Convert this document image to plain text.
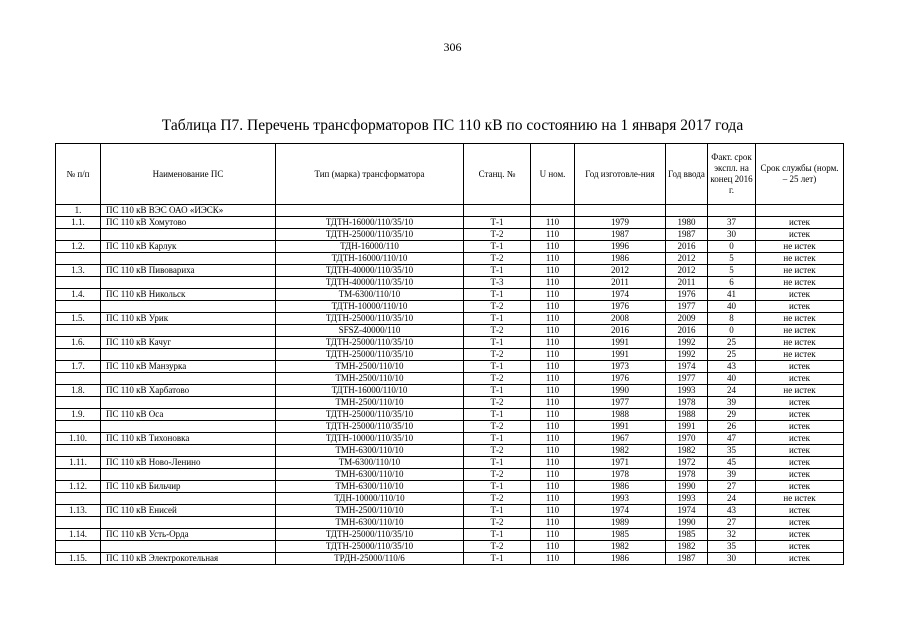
306
Таблица П7. Перечень трансформаторов ПС 110 кВ по состоянию на 1 января 2017 года
№ п/п	Наименование ПС	Тип (марка) трансформатора	Станц. №	U ном.	Год изготовле-ния	Год ввода	Факт. срок экспл. на конец 2016 г.	Срок службы (норм. – 25 лет)
1.	ПС 110 кВ ВЭС ОАО «ИЭСК»							
1.1.	ПС 110 кВ Хомутово	ТДТН-16000/110/35/10	Т-1	110	1979	1980	37	истек
		ТДТН-25000/110/35/10	Т-2	110	1987	1987	30	истек
1.2.	ПС 110 кВ Карлук	ТДН-16000/110	Т-1	110	1996	2016	0	не истек
		ТДТН-16000/110/10	Т-2	110	1986	2012	5	не истек
1.3.	ПС 110 кВ Пивовариха	ТДТН-40000/110/35/10	Т-1	110	2012	2012	5	не истек
		ТДТН-40000/110/35/10	Т-3	110	2011	2011	6	не истек
1.4.	ПС 110 кВ Никольск	ТМ-6300/110/10	Т-1	110	1974	1976	41	истек
		ТДТН-10000/110/10	Т-2	110	1976	1977	40	истек
1.5.	ПС 110 кВ Урик	ТДТН-25000/110/35/10	Т-1	110	2008	2009	8	не истек
		SFSZ-40000/110	Т-2	110	2016	2016	0	не истек
1.6.	ПС 110 кВ Качуг	ТДТН-25000/110/35/10	Т-1	110	1991	1992	25	не истек
		ТДТН-25000/110/35/10	Т-2	110	1991	1992	25	не истек
1.7.	ПС 110 кВ Манзурка	ТМН-2500/110/10	Т-1	110	1973	1974	43	истек
		ТМН-2500/110/10	Т-2	110	1976	1977	40	истек
1.8.	ПС 110 кВ Харбатово	ТДТН-16000/110/10	Т-1	110	1990	1993	24	не истек
		ТМН-2500/110/10	Т-2	110	1977	1978	39	истек
1.9.	ПС 110 кВ Оса	ТДТН-25000/110/35/10	Т-1	110	1988	1988	29	истек
		ТДТН-25000/110/35/10	Т-2	110	1991	1991	26	истек
1.10.	ПС 110 кВ Тихоновка	ТДТН-10000/110/35/10	Т-1	110	1967	1970	47	истек
		ТМН-6300/110/10	Т-2	110	1982	1982	35	истек
1.11.	ПС 110 кВ Ново-Ленино	ТМ-6300/110/10	Т-1	110	1971	1972	45	истек
		ТМН-6300/110/10	Т-2	110	1978	1978	39	истек
1.12.	ПС 110 кВ Бильчир	ТМН-6300/110/10	Т-1	110	1986	1990	27	истек
		ТДН-10000/110/10	Т-2	110	1993	1993	24	не истек
1.13.	ПС 110 кВ Енисей	ТМН-2500/110/10	Т-1	110	1974	1974	43	истек
		ТМН-6300/110/10	Т-2	110	1989	1990	27	истек
1.14.	ПС 110 кВ Усть-Орда	ТДТН-25000/110/35/10	Т-1	110	1985	1985	32	истек
		ТДТН-25000/110/35/10	Т-2	110	1982	1982	35	истек
1.15.	ПС 110 кВ Электрокотельная	ТРДН-25000/110/6	Т-1	110	1986	1987	30	истек
